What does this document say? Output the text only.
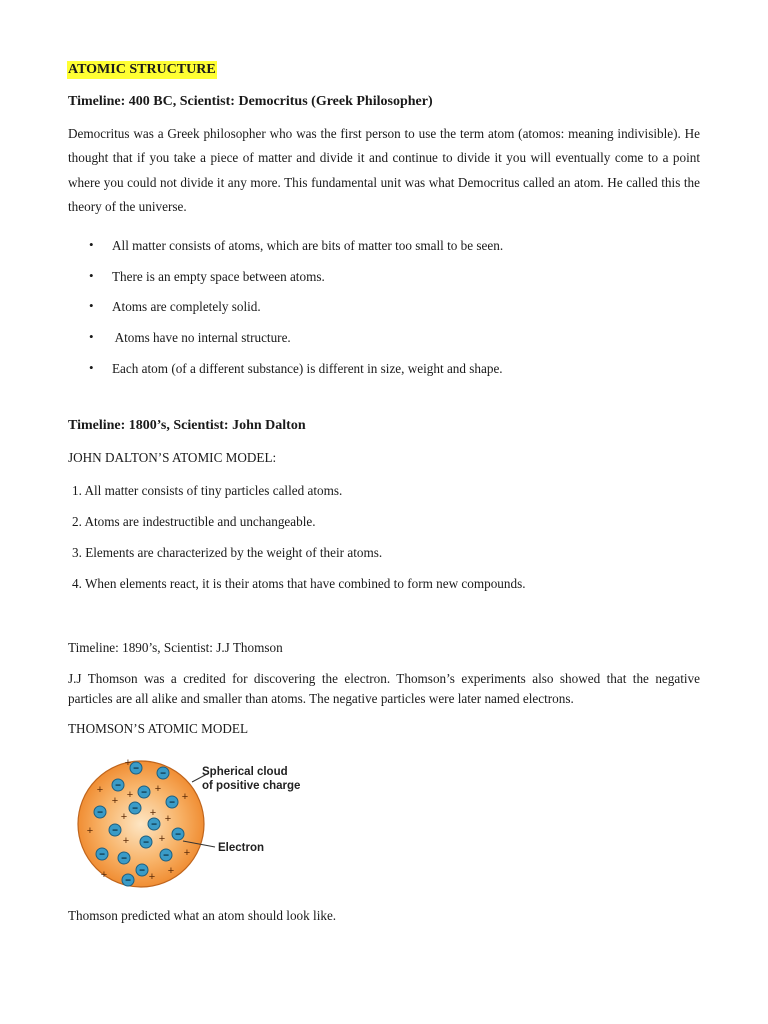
ATOMIC STRUCTURE
Timeline: 400 BC, Scientist: Democritus (Greek Philosopher)
Democritus was a Greek philosopher who was the first person to use the term atom (atomos: meaning indivisible). He thought that if you take a piece of matter and divide it and continue to divide it you will eventually come to a point where you could not divide it any more. This fundamental unit was what Democritus called an atom. He called this the theory of the universe.
• All matter consists of atoms, which are bits of matter too small to be seen.
• There is an empty space between atoms.
• Atoms are completely solid.
• Atoms have no internal structure.
• Each atom (of a different substance) is different in size, weight and shape.
Timeline: 1800’s, Scientist: John Dalton
JOHN DALTON’S ATOMIC MODEL:
1. All matter consists of tiny particles called atoms.
2. Atoms are indestructible and unchangeable.
3. Elements are characterized by the weight of their atoms.
4. When elements react, it is their atoms that have combined to form new compounds.
Timeline: 1890’s, Scientist: J.J Thomson
J.J Thomson was a credited for discovering the electron. Thomson’s experiments also showed that the negative particles are all alike and smaller than atoms. The negative particles were later named electrons.
THOMSON’S ATOMIC MODEL
− −
−
−
−
−	−
−
−	−
−
− −	−
−
−
+
+ + +
+
+
+ +
+
+
+
+	+ +
+
+
Spherical cloud
of positive charge
Electron
Thomson predicted what an atom should look like.
